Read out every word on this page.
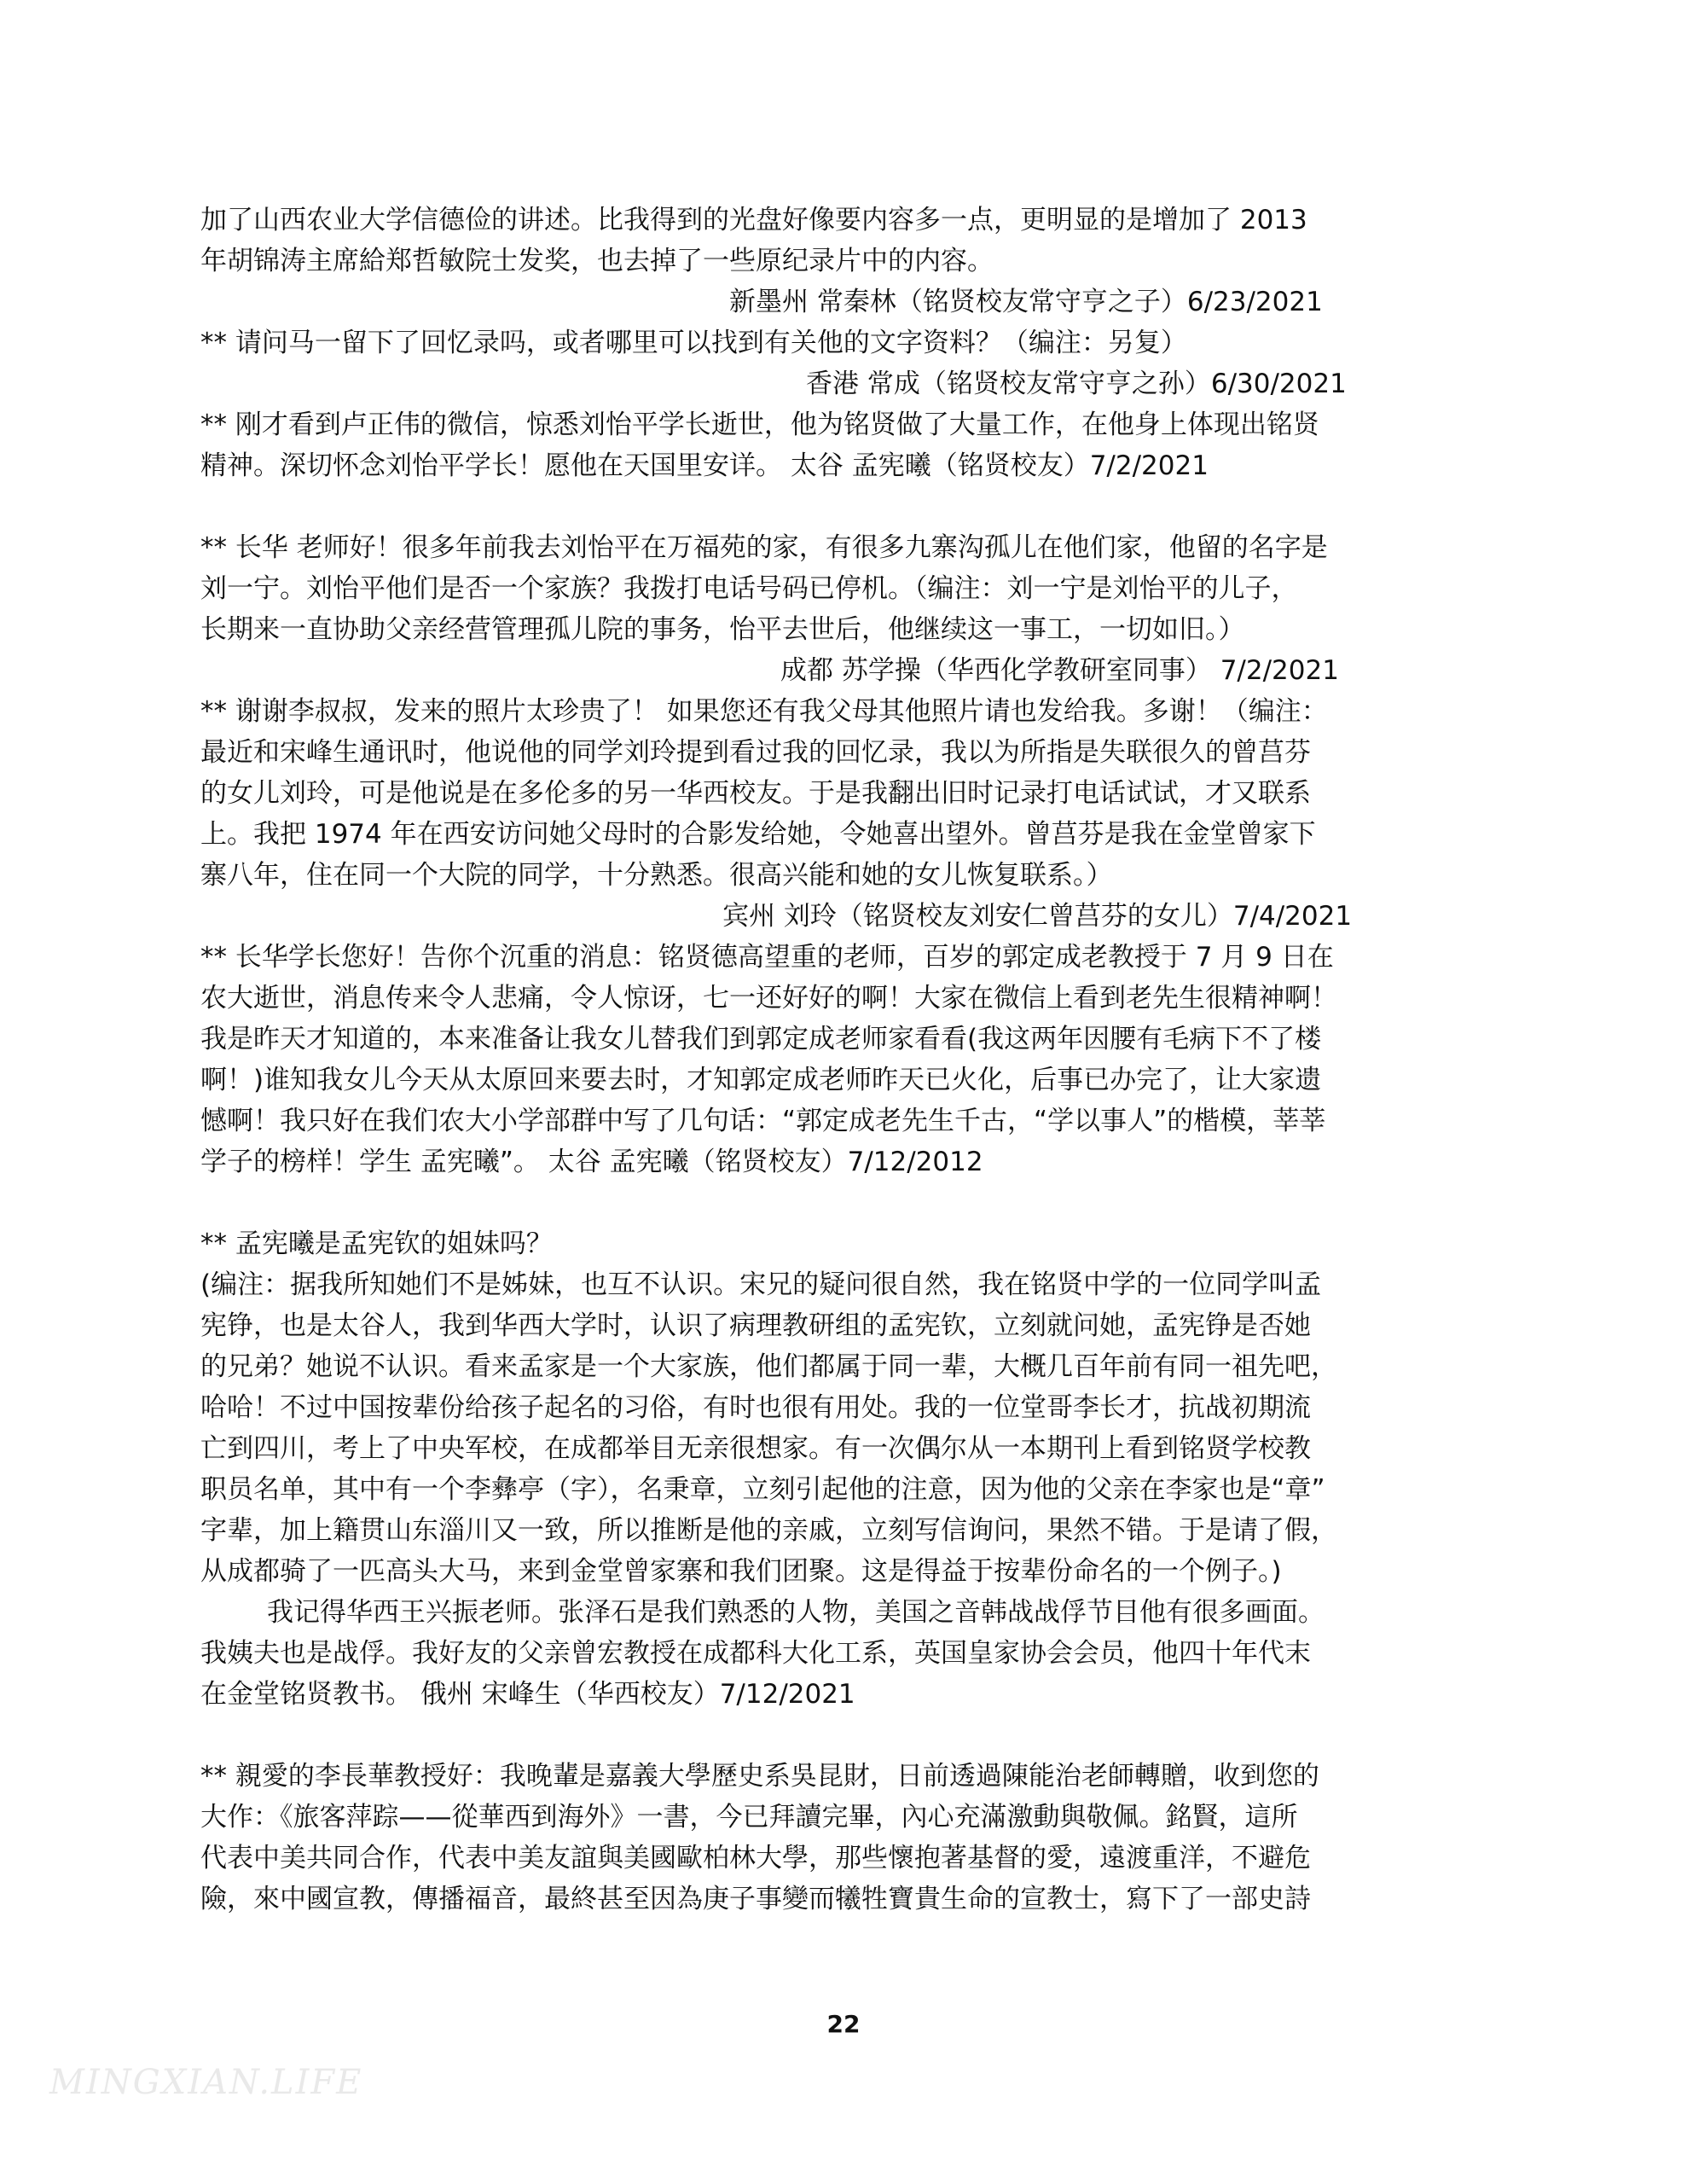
加了山西农业大学信德俭的讲述。比我得到的光盘好像要内容多一点，更明显的是增加了 2013
年胡锦涛主席給郑哲敏院士发奖，也去掉了一些原纪录片中的内容。
新墨州 常秦林（铭贤校友常守亨之子）6/23/2021
** 请问马一留下了回忆录吗，或者哪里可以找到有关他的文字资料？（编注：另复）
香港 常成（铭贤校友常守亨之孙）6/30/2021
** 刚才看到卢正伟的微信，惊悉刘怡平学长逝世，他为铭贤做了大量工作，在他身上体现出铭贤
精神。深切怀念刘怡平学长！愿他在天国里安详。 太谷 孟宪曦（铭贤校友）7/2/2021
** 长华 老师好！很多年前我去刘怡平在万福苑的家，有很多九寨沟孤儿在他们家，他留的名字是
刘一宁。刘怡平他们是否一个家族？我拨打电话号码已停机。（编注：刘一宁是刘怡平的儿子，
长期来一直协助父亲经营管理孤儿院的事务，怡平去世后，他继续这一事工，一切如旧。）
成都 苏学操（华西化学教研室同事） 7/2/2021
** 谢谢李叔叔，发来的照片太珍贵了！ 如果您还有我父母其他照片请也发给我。多谢！（编注：
最近和宋峰生通讯时，他说他的同学刘玲提到看过我的回忆录，我以为所指是失联很久的曾莒芬
的女儿刘玲，可是他说是在多伦多的另一华西校友。于是我翻出旧时记录打电话试试，才又联系
上。我把 1974 年在西安访问她父母时的合影发给她，令她喜出望外。曾莒芬是我在金堂曾家下
寨八年，住在同一个大院的同学，十分熟悉。很高兴能和她的女儿恢复联系。）
宾州 刘玲（铭贤校友刘安仁曾莒芬的女儿）7/4/2021
** 长华学长您好！告你个沉重的消息：铭贤德高望重的老师，百岁的郭定成老教授于 7 月 9 日在
农大逝世，消息传来令人悲痛，令人惊讶，七一还好好的啊！大家在微信上看到老先生很精神啊！
我是昨天才知道的，本来准备让我女儿替我们到郭定成老师家看看(我这两年因腰有毛病下不了楼
啊！)谁知我女儿今天从太原回来要去时，才知郭定成老师昨天已火化，后事已办完了，让大家遗
憾啊！我只好在我们农大小学部群中写了几句话：“郭定成老先生千古，“学以事人”的楷模，莘莘
学子的榜样！学生 孟宪曦”。 太谷 孟宪曦（铭贤校友）7/12/2012
** 孟宪曦是孟宪钦的姐妹吗？
(编注：据我所知她们不是姊妹，也互不认识。宋兄的疑问很自然，我在铭贤中学的一位同学叫孟
宪铮，也是太谷人，我到华西大学时，认识了病理教研组的孟宪钦，立刻就问她，孟宪铮是否她
的兄弟？她说不认识。看来孟家是一个大家族，他们都属于同一辈，大概几百年前有同一祖先吧，
哈哈！不过中国按辈份给孩子起名的习俗，有时也很有用处。我的一位堂哥李长才，抗战初期流
亡到四川，考上了中央军校，在成都举目无亲很想家。有一次偶尔从一本期刊上看到铭贤学校教
职员名单，其中有一个李彝亭（字），名秉章，立刻引起他的注意，因为他的父亲在李家也是“章”
字辈，加上籍贯山东淄川又一致，所以推断是他的亲戚，立刻写信询问，果然不错。于是请了假，
从成都骑了一匹高头大马，来到金堂曾家寨和我们团聚。这是得益于按辈份命名的一个例子。)
我记得华西王兴振老师。张泽石是我们熟悉的人物，美国之音韩战战俘节目他有很多画面。
我姨夫也是战俘。我好友的父亲曾宏教授在成都科大化工系，英国皇家协会会员，他四十年代末
在金堂铭贤教书。 俄州 宋峰生（华西校友）7/12/2021
** 親愛的李長華教授好：我晚輩是嘉義大學歷史系吳昆財，日前透過陳能治老師轉贈，收到您的
大作：《旅客萍踪——從華西到海外》一書，今已拜讀完畢，內心充滿激動與敬佩。銘賢，這所
代表中美共同合作，代表中美友誼與美國歐柏林大學，那些懷抱著基督的愛，遠渡重洋，不避危
險，來中國宣教，傳播福音，最終甚至因為庚子事變而犧牲寶貴生命的宣教士，寫下了一部史詩
22
MINGXIAN.LIFE
